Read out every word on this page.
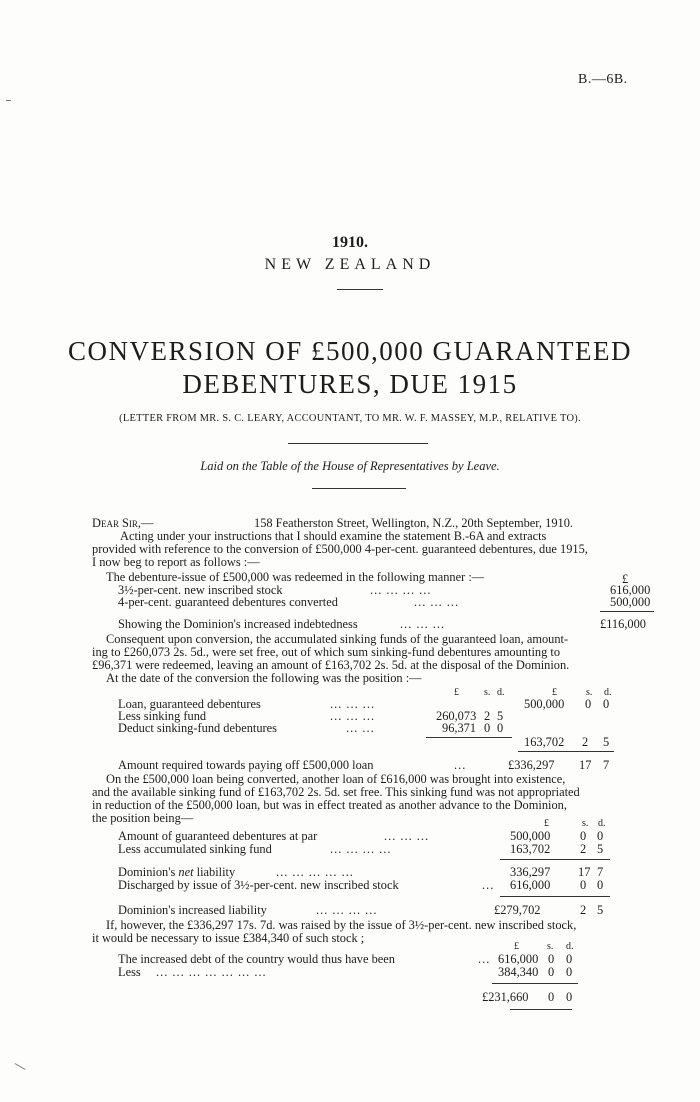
B.—6B.
1910.
NEW ZEALAND
CONVERSION OF £500,000 GUARANTEED
DEBENTURES, DUE 1915
(LETTER FROM MR. S. C. LEARY, ACCOUNTANT, TO MR. W. F. MASSEY, M.P., RELATIVE TO).
Laid on the Table of the House of Representatives by Leave.
Dear Sir,—	158 Featherston Street, Wellington, N.Z., 20th September, 1910.
Acting under your instructions that I should examine the statement B.-6A and extracts
provided with reference to the conversion of £500,000 4-per-cent. guaranteed debentures, due 1915,
I now beg to report as follows :—
The debenture-issue of £500,000 was redeemed in the following manner :—	£
3½-per-cent. new inscribed stock	... ... ... ...	616,000
4-per-cent. guaranteed debentures converted	... ... ...	500,000
Showing the Dominion's increased indebtedness	... ... ...	£116,000
Consequent upon conversion, the accumulated sinking funds of the guaranteed loan, amount-
ing to £260,073 2s. 5d., were set free, out of which sum sinking-fund debentures amounting to
£96,371 were redeemed, leaving an amount of £163,702 2s. 5d. at the disposal of the Dominion.
At the date of the conversion the following was the position :—
£	s. d.	£	s. d.
Loan, guaranteed debentures	... ... ...	500,000 0 0
Less sinking fund	... ... ...	260,073 2 5
Deduct sinking-fund debentures	... ...	96,371 0 0
163,702 2 5
Amount required towards paying off £500,000 loan	...	£336,297 17 7
On the £500,000 loan being converted, another loan of £616,000 was brought into existence,
and the available sinking fund of £163,702 2s. 5d. set free. This sinking fund was not appropriated
in reduction of the £500,000 loan, but was in effect treated as another advance to the Dominion,
the position being—	£	s. d.
Amount of guaranteed debentures at par	... ... ...	500,000 0 0
Less accumulated sinking fund	... ... ... ...	163,702 2 5
Dominion's net liability	... ... ... ... ...	336,297 17 7
Discharged by issue of 3½-per-cent. new inscribed stock	... 616,000 0 0
Dominion's increased liability	... ... ... ...	£279,702	2 5
If, however, the £336,297 17s. 7d. was raised by the issue of 3½-per-cent. new inscribed stock,
it would be necessary to issue £384,340 of such stock ;
£	s. d.
The increased debt of the country would thus have been	... 616,000 0 0
Less ... ... ... ... ... ... ...	384,340 0 0
£231,660 0 0
